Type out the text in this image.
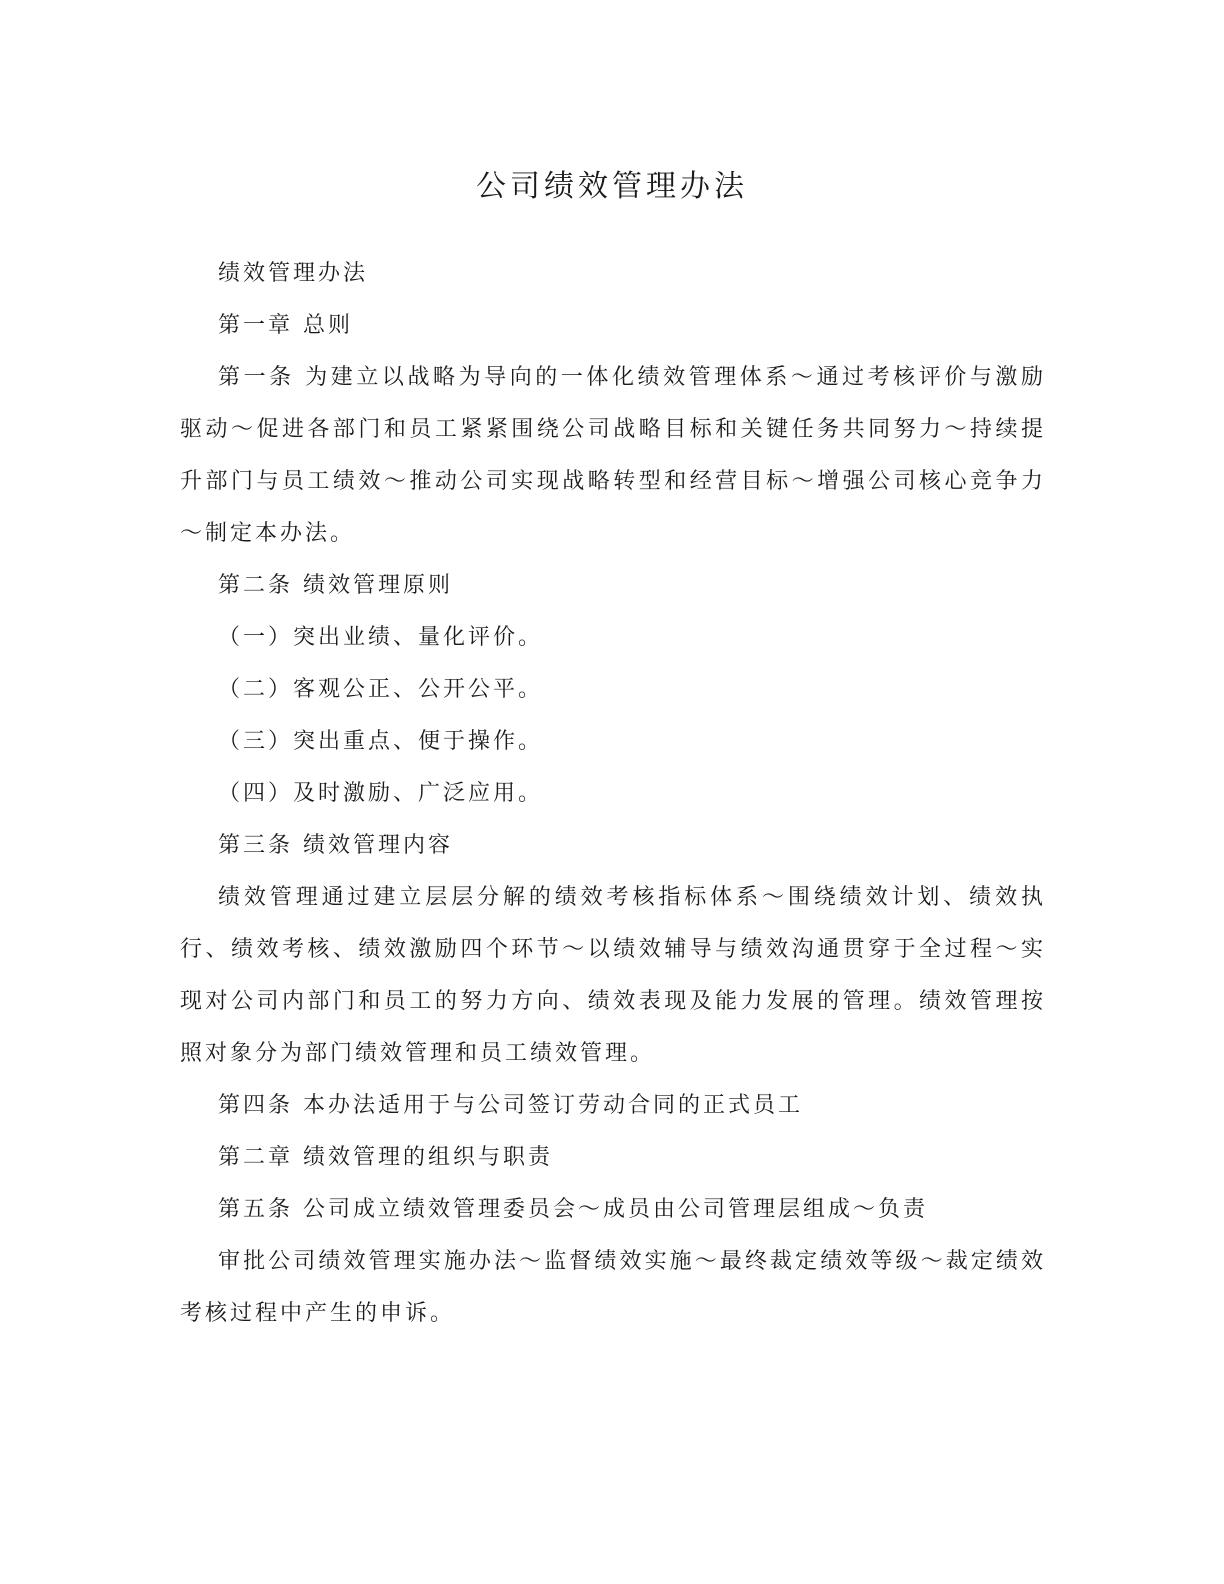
公司绩效管理办法

绩效管理办法

第一章 总则

第一条 为建立以战略为导向的一体化绩效管理体系～通过考核评价与激励驱动～促进各部门和员工紧紧围绕公司战略目标和关键任务共同努力～持续提升部门与员工绩效～推动公司实现战略转型和经营目标～增强公司核心竞争力～制定本办法。

第二条 绩效管理原则

（一）突出业绩、量化评价。

（二）客观公正、公开公平。

（三）突出重点、便于操作。

（四）及时激励、广泛应用。

第三条 绩效管理内容

绩效管理通过建立层层分解的绩效考核指标体系～围绕绩效计划、绩效执行、绩效考核、绩效激励四个环节～以绩效辅导与绩效沟通贯穿于全过程～实现对公司内部门和员工的努力方向、绩效表现及能力发展的管理。绩效管理按照对象分为部门绩效管理和员工绩效管理。

第四条 本办法适用于与公司签订劳动合同的正式员工

第二章 绩效管理的组织与职责

第五条 公司成立绩效管理委员会～成员由公司管理层组成～负责

审批公司绩效管理实施办法～监督绩效实施～最终裁定绩效等级～裁定绩效考核过程中产生的申诉。
